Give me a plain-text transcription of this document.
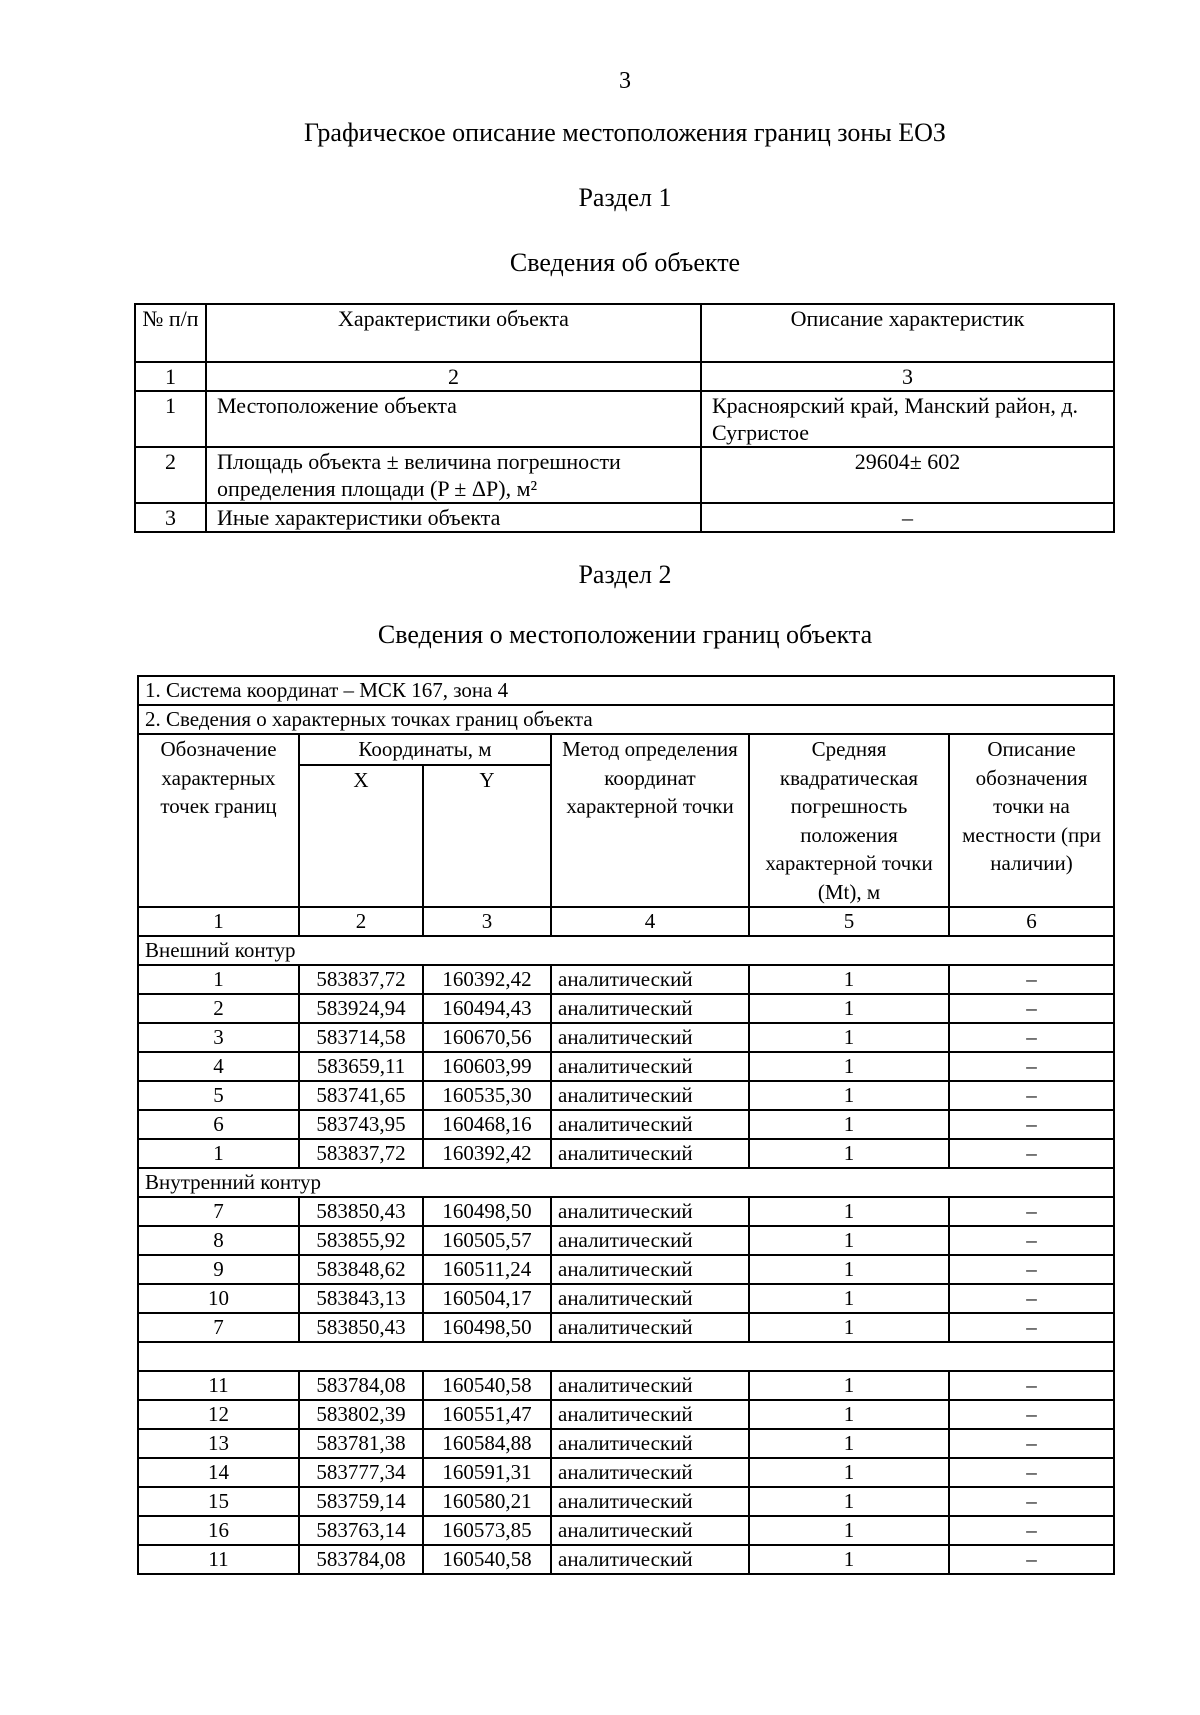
3
Графическое описание местоположения границ зоны ЕОЗ
Раздел 1
Сведения об объекте
№ п/п	Характеристики объекта	Описание характеристик
1	2	3
1	Местоположение объекта	Красноярский край, Манский район, д. Сугристое
2	Площадь объекта ± величина погрешности определения площади (P ± ΔP), м²	29604± 602
3	Иные характеристики объекта	–
Раздел 2
Сведения о местоположении границ объекта
1. Система координат – МСК 167, зона 4					
2. Сведения о характерных точках границ объекта					
Обозначение характерных точек границ	Координаты, м		Метод определения координат характерной точки	Средняя квадратическая погрешность положения характерной точки (Mt), м	Описание обозначения точки на местности (при наличии)
	X	Y			
1	2	3	4	5	6
Внешний контур					
1	583837,72	160392,42	аналитический	1	–
2	583924,94	160494,43	аналитический	1	–
3	583714,58	160670,56	аналитический	1	–
4	583659,11	160603,99	аналитический	1	–
5	583741,65	160535,30	аналитический	1	–
6	583743,95	160468,16	аналитический	1	–
1	583837,72	160392,42	аналитический	1	–
Внутренний контур					
7	583850,43	160498,50	аналитический	1	–
8	583855,92	160505,57	аналитический	1	–
9	583848,62	160511,24	аналитический	1	–
10	583843,13	160504,17	аналитический	1	–
7	583850,43	160498,50	аналитический	1	–

11	583784,08	160540,58	аналитический	1	–
12	583802,39	160551,47	аналитический	1	–
13	583781,38	160584,88	аналитический	1	–
14	583777,34	160591,31	аналитический	1	–
15	583759,14	160580,21	аналитический	1	–
16	583763,14	160573,85	аналитический	1	–
11	583784,08	160540,58	аналитический	1	–
